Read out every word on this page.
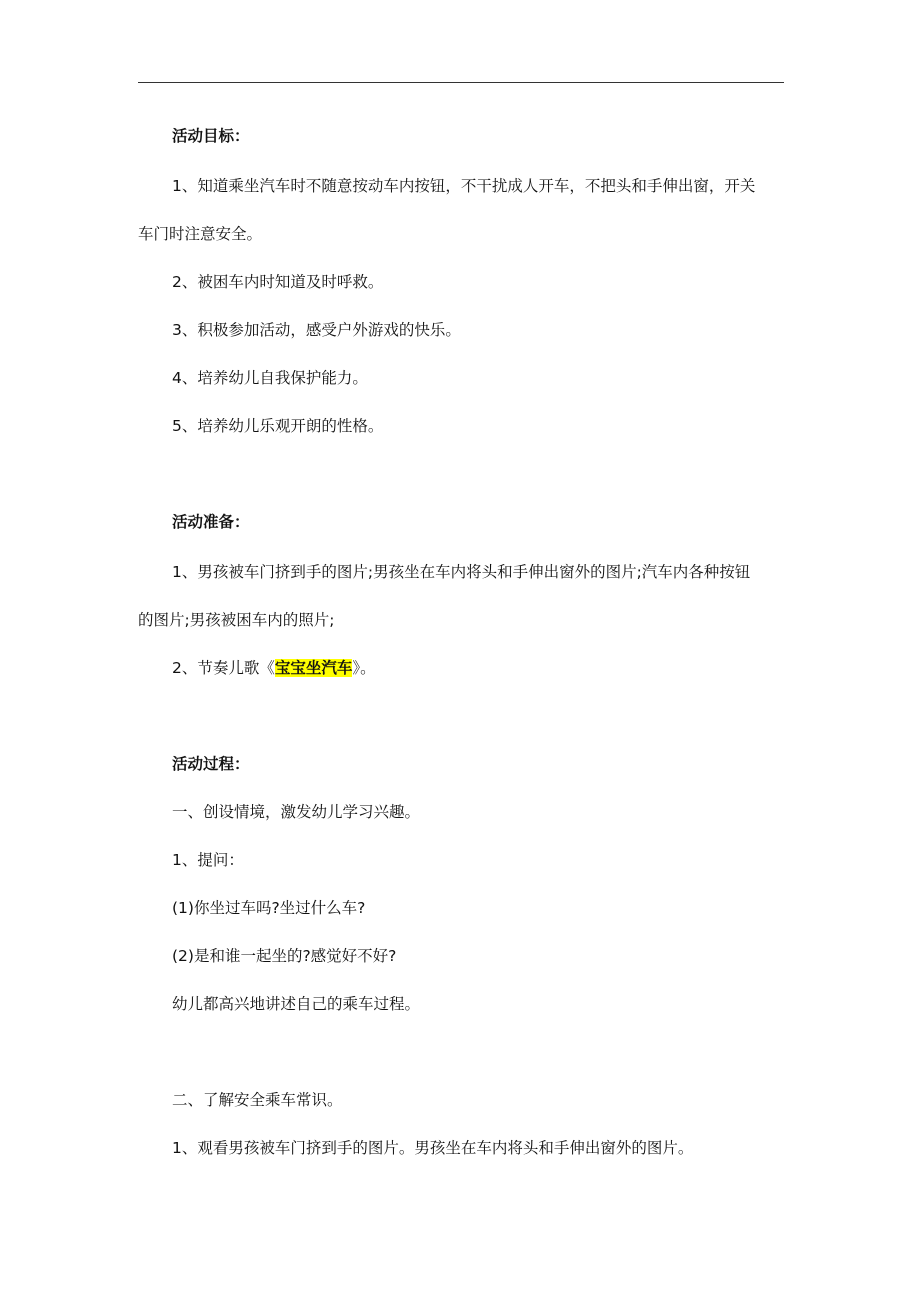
活动目标：

1、知道乘坐汽车时不随意按动车内按钮，不干扰成人开车，不把头和手伸出窗，开关

车门时注意安全。

2、被困车内时知道及时呼救。

3、积极参加活动，感受户外游戏的快乐。

4、培养幼儿自我保护能力。

5、培养幼儿乐观开朗的性格。

活动准备：

1、男孩被车门挤到手的图片;男孩坐在车内将头和手伸出窗外的图片;汽车内各种按钮

的图片;男孩被困车内的照片;

2、节奏儿歌《宝宝坐汽车》。

活动过程：

一、创设情境，激发幼儿学习兴趣。

1、提问：

(1)你坐过车吗?坐过什么车?

(2)是和谁一起坐的?感觉好不好?

幼儿都高兴地讲述自己的乘车过程。

二、了解安全乘车常识。

1、观看男孩被车门挤到手的图片。男孩坐在车内将头和手伸出窗外的图片。
